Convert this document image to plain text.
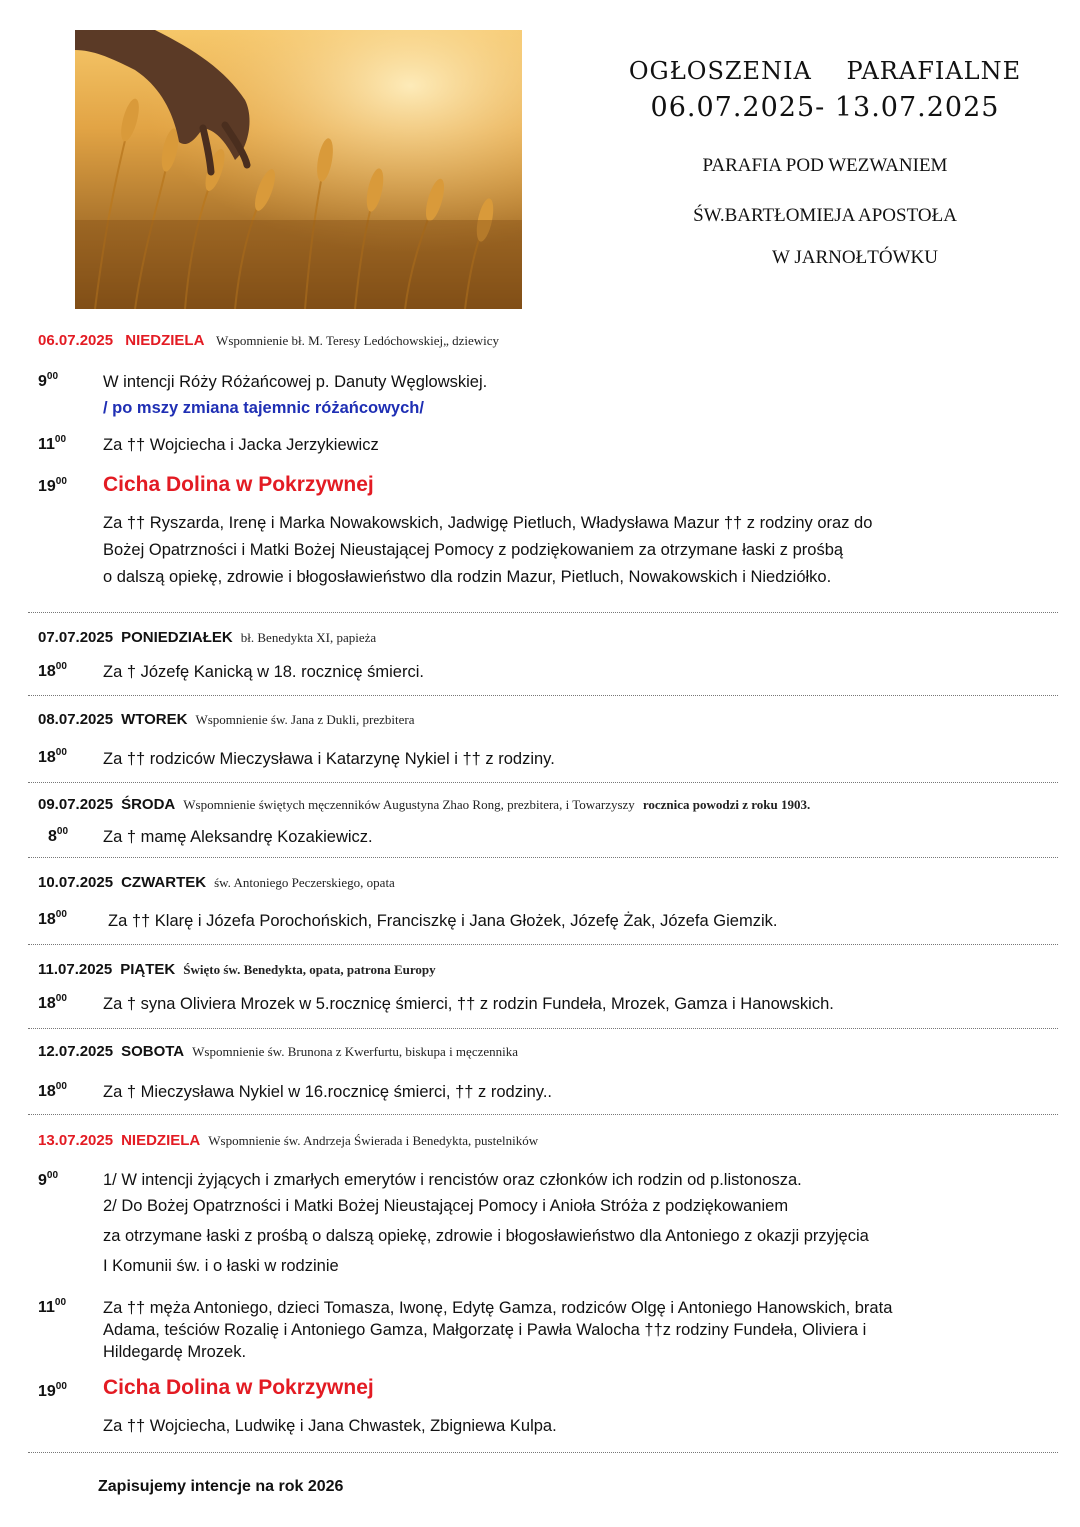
OGŁOSZENIA PARAFIALNE
06.07.2025- 13.07.2025
PARAFIA POD WEZWANIEM
ŚW.BARTŁOMIEJA APOSTOŁA
W JARNOŁTÓWKU
06.07.2025 NIEDZIELA Wspomnienie bł. M. Teresy Ledóchowskiej„ dziewicy
$9^{00}$	W intencji Róży Różańcowej p. Danuty Węglowskiej.
/ po mszy zmiana tajemnic różańcowych/
$11^{00}$ Za †† Wojciecha i Jacka Jerzykiewicz
$19^{00}$ Cicha Dolina w Pokrzywnej
Za †† Ryszarda, Irenę i Marka Nowakowskich, Jadwigę Pietluch, Władysława Mazur †† z rodziny oraz do
Bożej Opatrzności i Matki Bożej Nieustającej Pomocy z podziękowaniem za otrzymane łaski z prośbą
o dalszą opiekę, zdrowie i błogosławieństwo dla rodzin Mazur, Pietluch, Nowakowskich i Niedziółko.
07.07.2025 PONIEDZIAŁEK bł. Benedykta XI, papieża
$18^{00}$ Za † Józefę Kanicką w 18. rocznicę śmierci.
08.07.2025 WTOREK Wspomnienie św. Jana z Dukli, prezbitera
$18^{00}$ Za †† rodziców Mieczysława i Katarzynę Nykiel i †† z rodziny.
09.07.2025 ŚRODA Wspomnienie świętych męczenników Augustyna Zhao Rong, prezbitera, i Towarzyszy rocznica powodzi z roku 1903.
$8^{00}$ Za † mamę Aleksandrę Kozakiewicz.
10.07.2025 CZWARTEK św. Antoniego Peczerskiego, opata
$18^{00}$ Za †† Klarę i Józefa Porochońskich, Franciszkę i Jana Głożek, Józefę Żak, Józefa Giemzik.
11.07.2025 PIĄTEK Święto św. Benedykta, opata, patrona Europy
$18^{00}$ Za † syna Oliviera Mrozek w 5.rocznicę śmierci, †† z rodzin Fundeła, Mrozek, Gamza i Hanowskich.
12.07.2025 SOBOTA Wspomnienie św. Brunona z Kwerfurtu, biskupa i męczennika
$18^{00}$ Za † Mieczysława Nykiel w 16.rocznicę śmierci, †† z rodziny..
13.07.2025 NIEDZIELA Wspomnienie św. Andrzeja Świerada i Benedykta, pustelników
$9^{00}$	1/ W intencji żyjących i zmarłych emerytów i rencistów oraz członków ich rodzin od p.listonosza.
2/ Do Bożej Opatrzności i Matki Bożej Nieustającej Pomocy i Anioła Stróża z podziękowaniem
za otrzymane łaski z prośbą o dalszą opiekę, zdrowie i błogosławieństwo dla Antoniego z okazji przyjęcia
I Komunii św. i o łaski w rodzinie
$11^{00}$ Za †† męża Antoniego, dzieci Tomasza, Iwonę, Edytę Gamza, rodziców Olgę i Antoniego Hanowskich, brata
Adama, teściów Rozalię i Antoniego Gamza, Małgorzatę i Pawła Walocha ††z rodziny Fundeła, Oliviera i
Hildegardę Mrozek.
$19^{00}$ Cicha Dolina w Pokrzywnej
Za †† Wojciecha, Ludwikę i Jana Chwastek, Zbigniewa Kulpa.
Zapisujemy intencje na rok 2026
